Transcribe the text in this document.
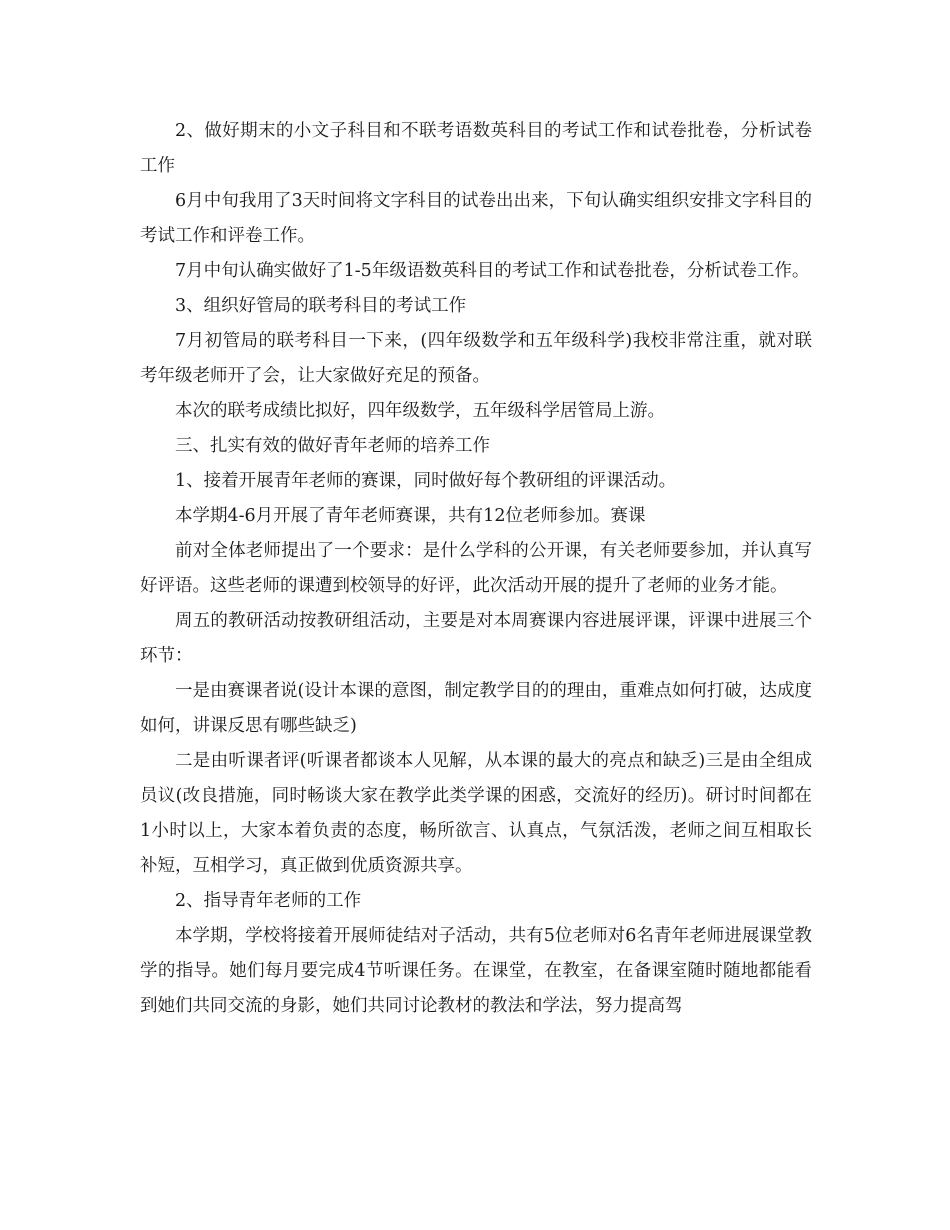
2、做好期末的小文子科目和不联考语数英科目的考试工作和试卷批卷，分析试卷工作

6月中旬我用了3天时间将文字科目的试卷出出来，下旬认确实组织安排文字科目的考试工作和评卷工作。

7月中旬认确实做好了1-5年级语数英科目的考试工作和试卷批卷，分析试卷工作。

3、组织好管局的联考科目的考试工作

7月初管局的联考科目一下来，(四年级数学和五年级科学)我校非常注重，就对联考年级老师开了会，让大家做好充足的预备。

本次的联考成绩比拟好，四年级数学，五年级科学居管局上游。

三、扎实有效的做好青年老师的培养工作

1、接着开展青年老师的赛课，同时做好每个教研组的评课活动。

本学期4-6月开展了青年老师赛课，共有12位老师参加。赛课

前对全体老师提出了一个要求：是什么学科的公开课，有关老师要参加，并认真写好评语。这些老师的课遭到校领导的好评，此次活动开展的提升了老师的业务才能。

周五的教研活动按教研组活动，主要是对本周赛课内容进展评课，评课中进展三个环节：

一是由赛课者说(设计本课的意图，制定教学目的的理由，重难点如何打破，达成度如何，讲课反思有哪些缺乏)

二是由听课者评(听课者都谈本人见解，从本课的最大的亮点和缺乏)三是由全组成员议(改良措施，同时畅谈大家在教学此类学课的困惑，交流好的经历)。研讨时间都在1小时以上，大家本着负责的态度，畅所欲言、认真点，气氛活泼，老师之间互相取长补短，互相学习，真正做到优质资源共享。

2、指导青年老师的工作

本学期，学校将接着开展师徒结对子活动，共有5位老师对6名青年老师进展课堂教学的指导。她们每月要完成4节听课任务。在课堂，在教室，在备课室随时随地都能看到她们共同交流的身影，她们共同讨论教材的教法和学法，努力提高驾
